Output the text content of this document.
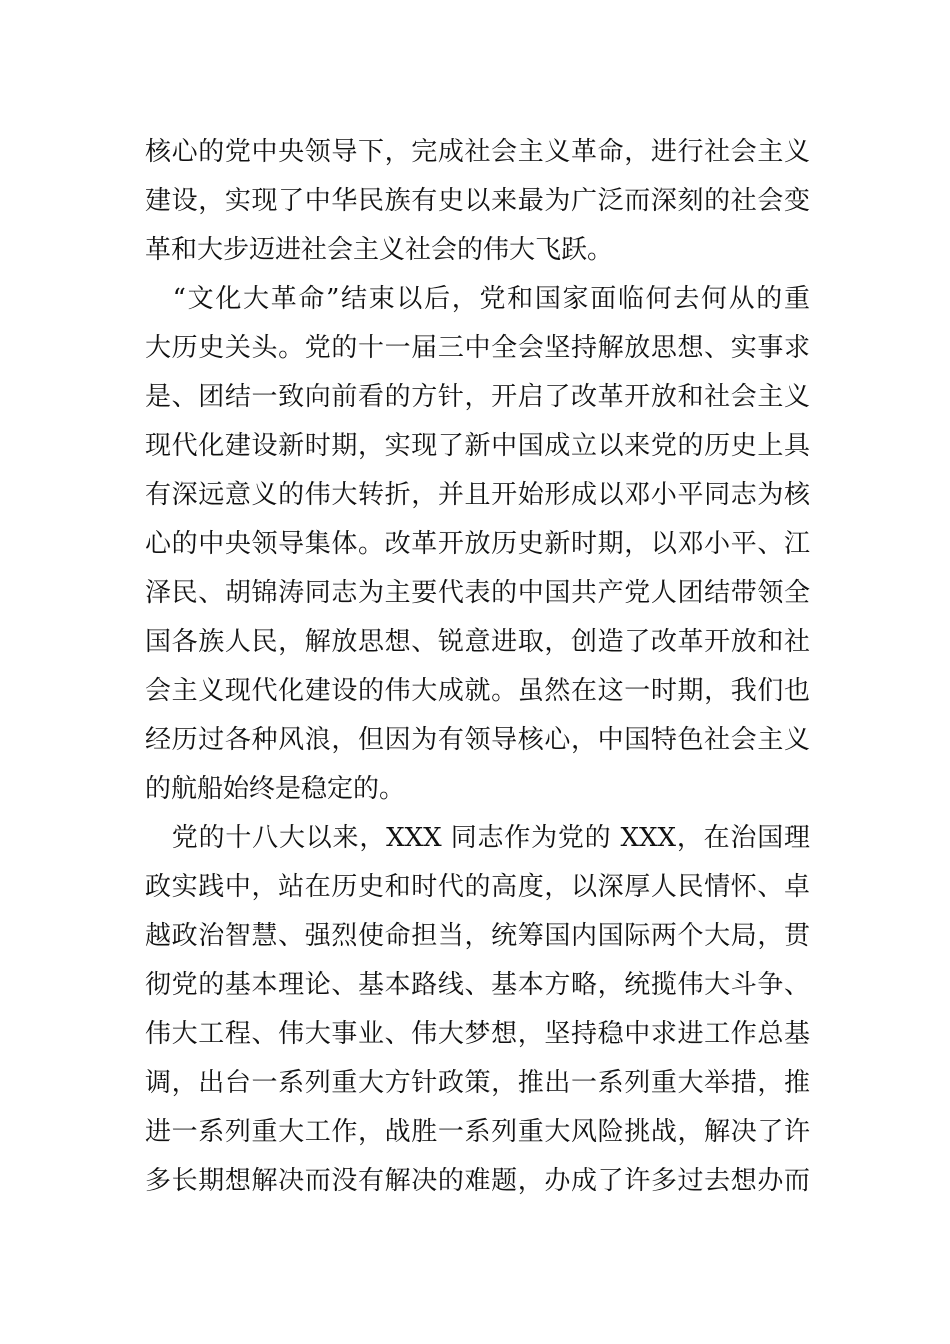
核心的党中央领导下，完成社会主义革命，进行社会主义
建设，实现了中华民族有史以来最为广泛而深刻的社会变
革和大步迈进社会主义社会的伟大飞跃。
　“文化大革命”结束以后，党和国家面临何去何从的重
大历史关头。党的十一届三中全会坚持解放思想、实事求
是、团结一致向前看的方针，开启了改革开放和社会主义
现代化建设新时期，实现了新中国成立以来党的历史上具
有深远意义的伟大转折，并且开始形成以邓小平同志为核
心的中央领导集体。改革开放历史新时期，以邓小平、江
泽民、胡锦涛同志为主要代表的中国共产党人团结带领全
国各族人民，解放思想、锐意进取，创造了改革开放和社
会主义现代化建设的伟大成就。虽然在这一时期，我们也
经历过各种风浪，但因为有领导核心，中国特色社会主义
的航船始终是稳定的。
　党的十八大以来，XXX 同志作为党的 XXX，在治国理
政实践中，站在历史和时代的高度，以深厚人民情怀、卓
越政治智慧、强烈使命担当，统筹国内国际两个大局，贯
彻党的基本理论、基本路线、基本方略，统揽伟大斗争、
伟大工程、伟大事业、伟大梦想，坚持稳中求进工作总基
调，出台一系列重大方针政策，推出一系列重大举措，推
进一系列重大工作，战胜一系列重大风险挑战，解决了许
多长期想解决而没有解决的难题，办成了许多过去想办而
